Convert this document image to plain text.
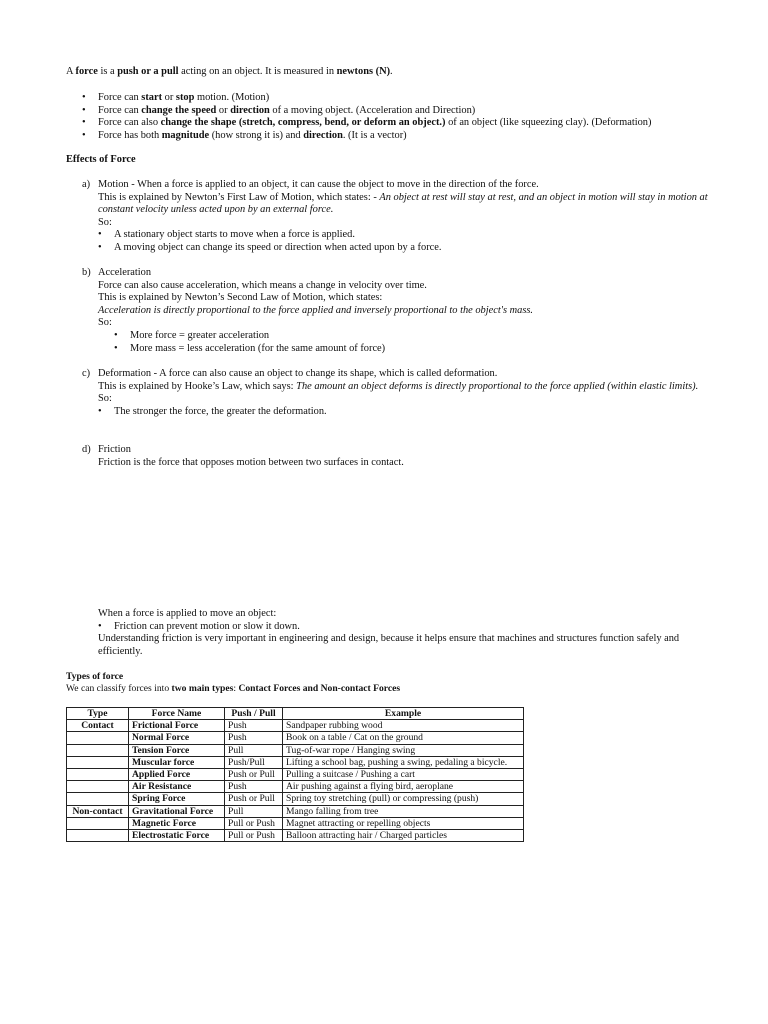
A force is a push or a pull acting on an object. It is measured in newtons (N).

• Force can start or stop motion. (Motion)
• Force can change the speed or direction of a moving object. (Acceleration and Direction)
• Force can also change the shape (stretch, compress, bend, or deform an object.) of an object (like squeezing clay). (Deformation)
• Force has both magnitude (how strong it is) and direction. (It is a vector)

Effects of Force

a) Motion - When a force is applied to an object, it can cause the object to move in the direction of the force.

This is explained by Newton’s First Law of Motion, which states: - An object at rest will stay at rest, and an object in motion will stay in motion at constant velocity unless acted upon by an external force.

So:

• A stationary object starts to move when a force is applied.
• A moving object can change its speed or direction when acted upon by a force.
b) Acceleration

Force can also cause acceleration, which means a change in velocity over time.

This is explained by Newton’s Second Law of Motion, which states:

Acceleration is directly proportional to the force applied and inversely proportional to the object's mass.

So:

• More force = greater acceleration
• More mass = less acceleration (for the same amount of force)
c) Deformation - A force can also cause an object to change its shape, which is called deformation.

This is explained by Hooke’s Law, which says: The amount an object deforms is directly proportional to the force applied (within elastic limits).

So:

• The stronger the force, the greater the deformation.
d) Friction

Friction is the force that opposes motion between two surfaces in contact.

When a force is applied to move an object:

• Friction can prevent motion or slow it down.

Understanding friction is very important in engineering and design, because it helps ensure that machines and structures function safely and efficiently.

Types of force

We can classify forces into two main types: Contact Forces and Non-contact Forces

Type	Force Name	Push / Pull	Example
Contact	Frictional Force	Push	Sandpaper rubbing wood
	Normal Force	Push	Book on a table / Cat on the ground
	Tension Force	Pull	Tug-of-war rope / Hanging swing
	Muscular force	Push/Pull	Lifting a school bag, pushing a swing, pedaling a bicycle.
	Applied Force	Push or Pull	Pulling a suitcase / Pushing a cart
	Air Resistance	Push	Air pushing against a flying bird, aeroplane
	Spring Force	Push or Pull	Spring toy stretching (pull) or compressing (push)
Non-contact	Gravitational Force	Pull	Mango falling from tree
	Magnetic Force	Pull or Push	Magnet attracting or repelling objects
	Electrostatic Force	Pull or Push	Balloon attracting hair / Charged particles
